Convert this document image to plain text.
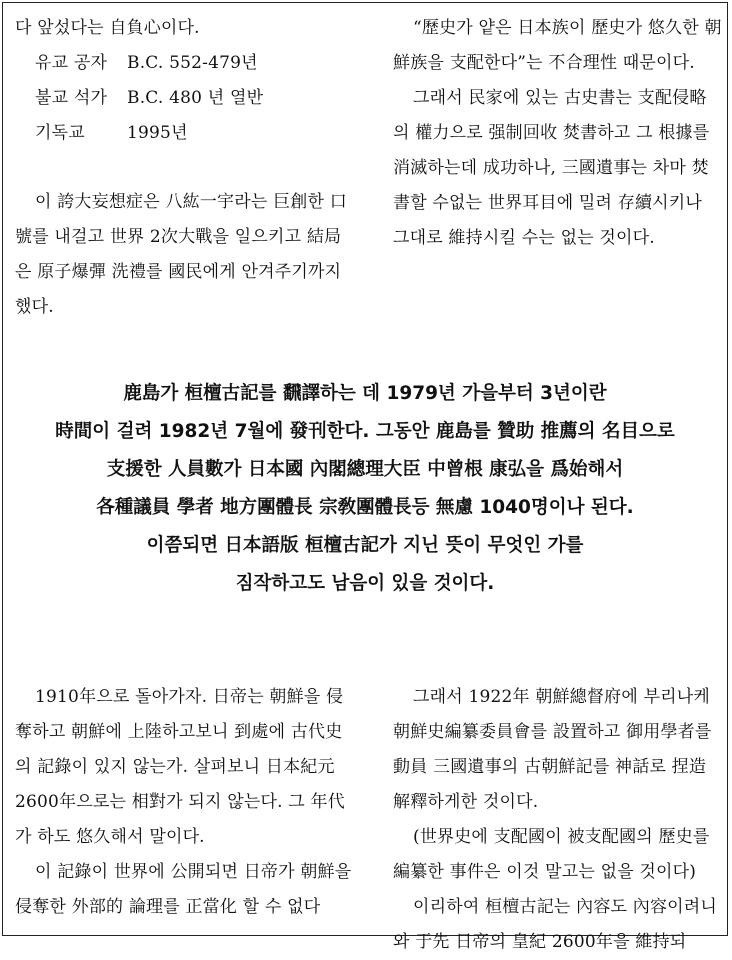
다 앞섰다는 自負心이다.

유교 공자	B.C. 552-479년
불교 석가	B.C. 480 년 열반
기독교	1995년

이 誇大妄想症은 八紘一宇라는 巨創한 口號를 내걸고 世界 2次大戰을 일으키고 結局은 原子爆彈 洗禮를 國民에게 안겨주기까지 했다.

“歷史가 얕은 日本族이 歷史가 悠久한 朝鮮族을 支配한다”는 不合理性 때문이다.

그래서 民家에 있는 古史書는 支配侵略의 權力으로 强制回收 焚書하고 그 根據를 消滅하는데 成功하나, 三國遺事는 차마 焚書할 수없는 世界耳目에 밀려 存續시키나 그대로 維持시킬 수는 없는 것이다.

鹿島가 桓檀古記를 飜譯하는 데 1979년 가을부터 3년이란

時間이 걸려 1982년 7월에 發刊한다. 그동안 鹿島를 贊助 推薦의 名目으로

支援한 人員數가 日本國 內閣總理大臣 中曾根 康弘을 爲始해서

各種議員 學者 地方團體長 宗敎團體長등 無慮 1040명이나 된다.

이쯤되면 日本語版 桓檀古記가 지닌 뜻이 무엇인 가를

짐작하고도 남음이 있을 것이다.

1910年으로 돌아가자. 日帝는 朝鮮을 侵奪하고 朝鮮에 上陸하고보니 到處에 古代史의 記錄이 있지 않는가. 살펴보니 日本紀元 2600年으로는 相對가 되지 않는다. 그 年代가 하도 悠久해서 말이다.

이 記錄이 世界에 公開되면 日帝가 朝鮮을 侵奪한 外部的 論理를 正當化 할 수 없다

그래서 1922年 朝鮮總督府에 부리나케 朝鮮史編纂委員會를 設置하고 御用學者를 動員 三國遺事의 古朝鮮記를 神話로 捏造 解釋하게한 것이다.

(世界史에 支配國이 被支配國의 歷史를 編纂한 事件은 이것 말고는 없을 것이다)

이리하여 桓檀古記는 內容도 內容이려니와 于先 日帝의 皇紀 2600年을 維持되
